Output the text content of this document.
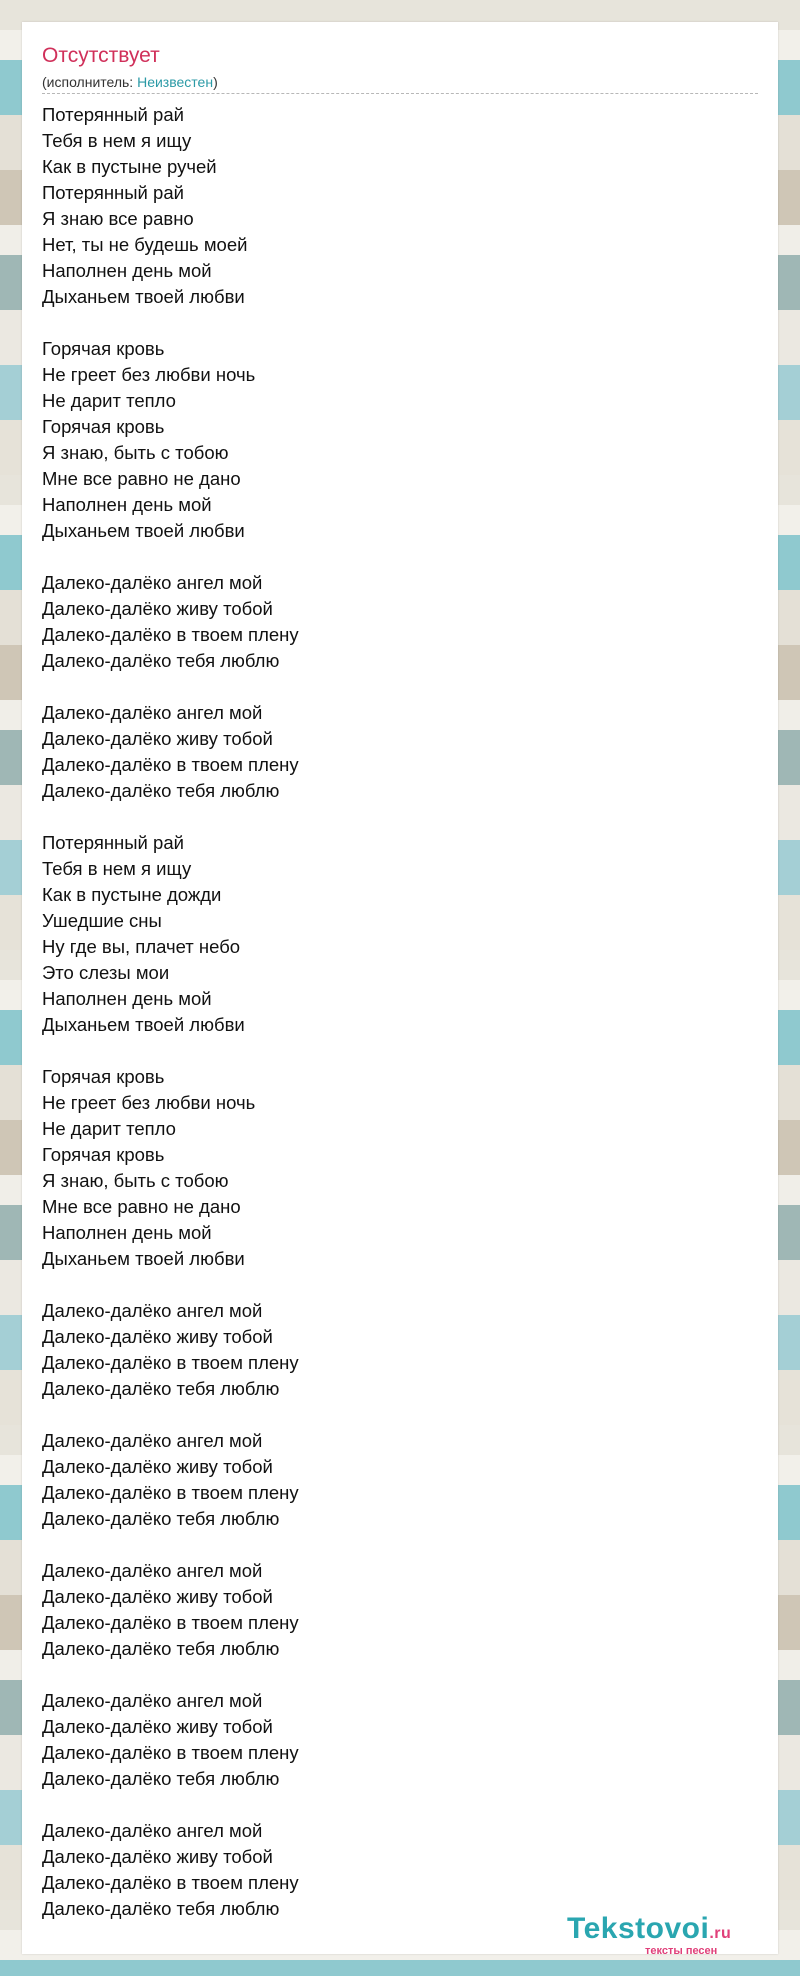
Отсутствует
(исполнитель: Неизвестен)
Потерянный рай
Тебя в нем я ищу
Как в пустыне ручей
Потерянный рай
Я знаю все равно
Нет, ты не будешь моей
Наполнен день мой
Дыханьем твоей любви
Горячая кровь
Не греет без любви ночь
Не дарит тепло
Горячая кровь
Я знаю, быть с тобою
Мне все равно не дано
Наполнен день мой
Дыханьем твоей любви
Далеко-далёко ангел мой
Далеко-далёко живу тобой
Далеко-далёко в твоем плену
Далеко-далёко тебя люблю
Далеко-далёко ангел мой
Далеко-далёко живу тобой
Далеко-далёко в твоем плену
Далеко-далёко тебя люблю
Потерянный рай
Тебя в нем я ищу
Как в пустыне дожди
Ушедшие сны
Ну где вы, плачет небо
Это слезы мои
Наполнен день мой
Дыханьем твоей любви
Горячая кровь
Не греет без любви ночь
Не дарит тепло
Горячая кровь
Я знаю, быть с тобою
Мне все равно не дано
Наполнен день мой
Дыханьем твоей любви
Далеко-далёко ангел мой
Далеко-далёко живу тобой
Далеко-далёко в твоем плену
Далеко-далёко тебя люблю
Далеко-далёко ангел мой
Далеко-далёко живу тобой
Далеко-далёко в твоем плену
Далеко-далёко тебя люблю
Далеко-далёко ангел мой
Далеко-далёко живу тобой
Далеко-далёко в твоем плену
Далеко-далёко тебя люблю
Далеко-далёко ангел мой
Далеко-далёко живу тобой
Далеко-далёко в твоем плену
Далеко-далёко тебя люблю
Далеко-далёко ангел мой
Далеко-далёко живу тобой
Далеко-далёко в твоем плену
Далеко-далёко тебя люблю
Tekstovoi.ru
тексты песен
